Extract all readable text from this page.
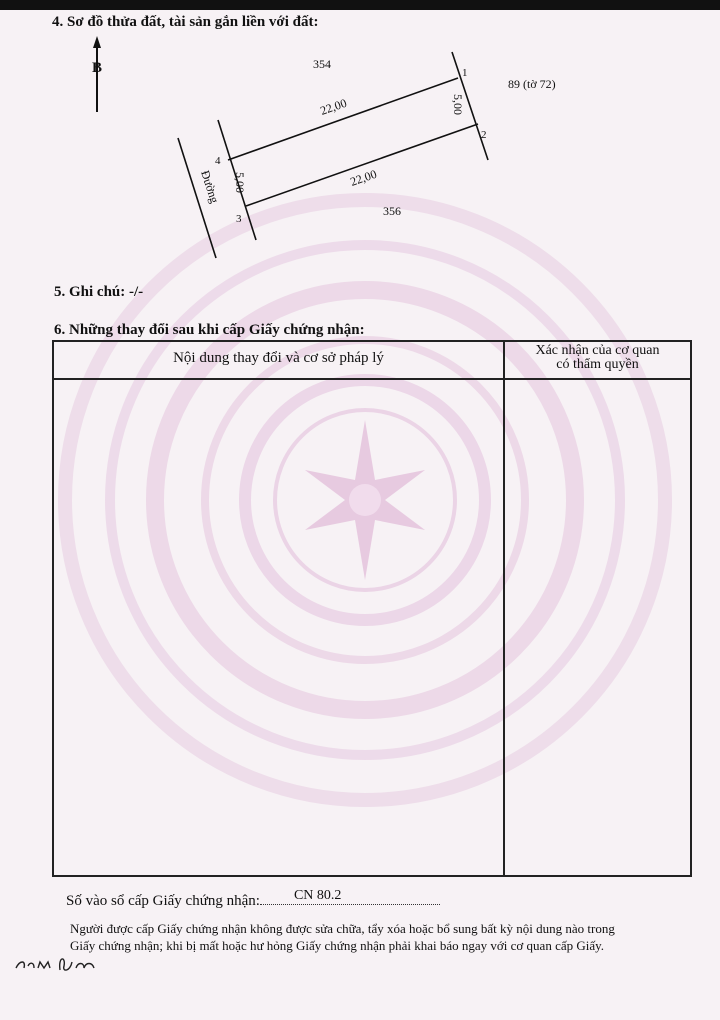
4. Sơ đồ thửa đất, tài sản gắn liền với đất:
B	354
89 (tờ 72)
356
22,00
22,00
5,00
5,00
Đường
1
2
3
4
5. Ghi chú: -/-
6. Những thay đổi sau khi cấp Giấy chứng nhận:
Nội dung thay đổi và cơ sở pháp lý	Xác nhận của cơ quan
có thẩm quyền
Số vào sổ cấp Giấy chứng nhận: CN 80.2
Người được cấp Giấy chứng nhận không được sửa chữa, tẩy xóa hoặc bổ sung bất kỳ nội dung nào trong
Giấy chứng nhận; khi bị mất hoặc hư hỏng Giấy chứng nhận phải khai báo ngay với cơ quan cấp Giấy.
